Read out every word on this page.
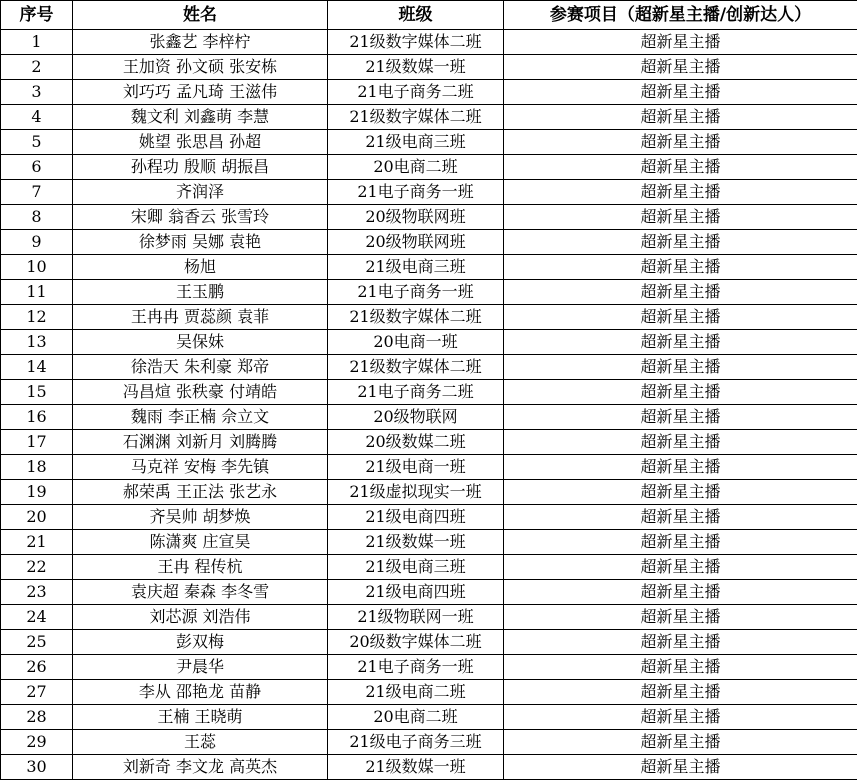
序号	姓名	班级	参赛项目（超新星主播/创新达人）
1	张鑫艺 李梓柠	21级数字媒体二班	超新星主播
2	王加资 孙文硕 张安栋	21级数媒一班	超新星主播
3	刘巧巧 孟凡琦 王滋伟	21电子商务二班	超新星主播
4	魏文利 刘鑫萌 李慧	21级数字媒体二班	超新星主播
5	姚望 张思昌 孙超	21级电商三班	超新星主播
6	孙程功 殷顺 胡振昌	20电商二班	超新星主播
7	齐润泽	21电子商务一班	超新星主播
8	宋卿 翁香云 张雪玲	20级物联网班	超新星主播
9	徐梦雨 吴娜 袁艳	20级物联网班	超新星主播
10	杨旭	21级电商三班	超新星主播
11	王玉鹏	21电子商务一班	超新星主播
12	王冉冉 贾蕊颜 袁菲	21级数字媒体二班	超新星主播
13	吴保妹	20电商一班	超新星主播
14	徐浩天 朱利豪 郑帝	21级数字媒体二班	超新星主播
15	冯昌煊 张秩豪 付靖皓	21电子商务二班	超新星主播
16	魏雨 李正楠 佘立文	20级物联网	超新星主播
17	石渊渊 刘新月 刘腾腾	20级数媒二班	超新星主播
18	马克祥 安梅 李先镇	21级电商一班	超新星主播
19	郝荣禹 王正法 张艺永	21级虚拟现实一班	超新星主播
20	齐吴帅 胡梦焕	21级电商四班	超新星主播
21	陈潇爽 庄宣昊	21级数媒一班	超新星主播
22	王冉 程传杭	21级电商三班	超新星主播
23	袁庆超 秦森 李冬雪	21级电商四班	超新星主播
24	刘芯源 刘浩伟	21级物联网一班	超新星主播
25	彭双梅	20级数字媒体二班	超新星主播
26	尹晨华	21电子商务一班	超新星主播
27	李从 邵艳龙 苗静	21级电商二班	超新星主播
28	王楠 王晓萌	20电商二班	超新星主播
29	王蕊	21级电子商务三班	超新星主播
30	刘新奇 李文龙 高英杰	21级数媒一班	超新星主播
